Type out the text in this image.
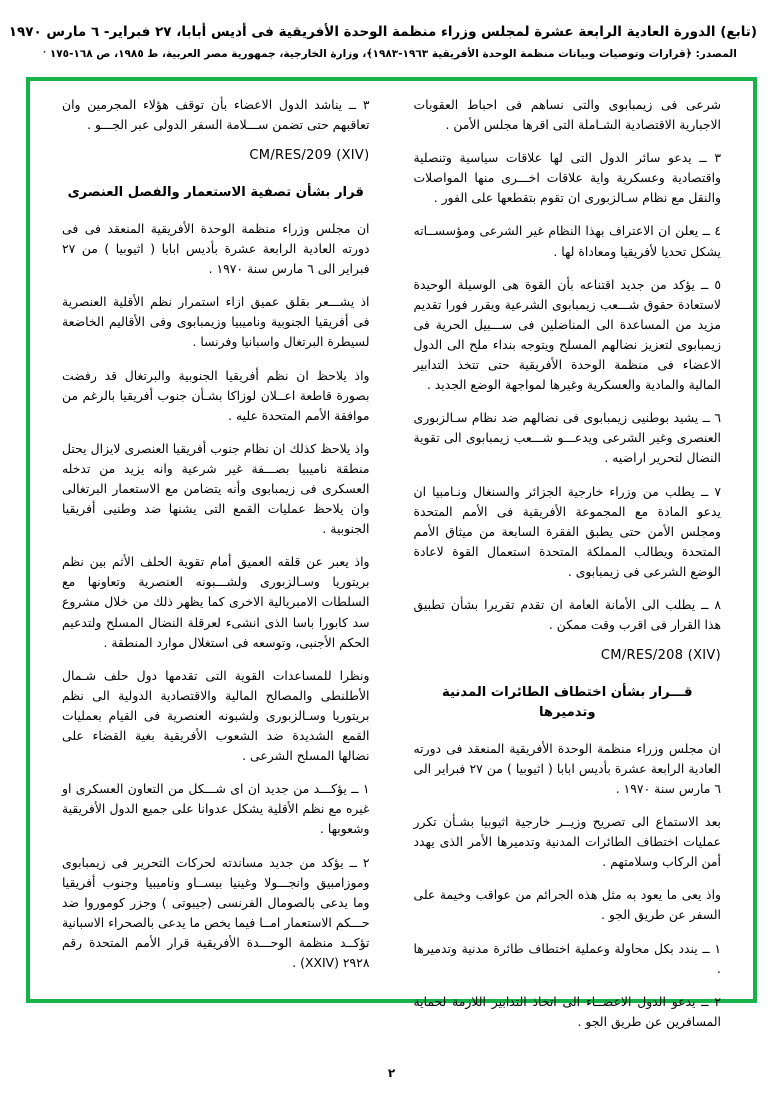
(تابع) الدورة العادية الرابعة عشرة لمجلس وزراء منظمة الوحدة الأفريقية فى أديس أبابا، ٢٧ فبراير- ٦ مارس ١٩٧٠
المصدر: ﴿قرارات وتوصيات وبيانات منظمة الوحدة الأفريقية ١٩٦٣-١٩٨٣﴾، وزارة الخارجية، جمهورية مصر العربية، ط ١٩٨٥، ص ١٦٨-١٧٥ ̒

شرعى فى زيمبابوى والتى نساهم فى احباط العقوبات الاجبارية الاقتصادية الشـاملة التى اقرها مجلس الأمن .

٣ ــ يدعو سائر الدول التى لها علاقات سياسية وتنصلية واقتصادية وعسكرية واية علاقات اخـــرى منها المواصلات والنقل مع نظام سـالزبورى ان تقوم بتقطعها على الفور .

٤ ــ يعلن ان الاعتراف بهذا النظام غير الشرعى ومؤسســاته يشكل تحديا لأفريقيا ومعاداة لها .

٥ ــ يؤكد من جديد اقتناعه بأن القوة هى الوسيلة الوحيدة لاستعادة حقوق شـــعب زيمبابوى الشرعية ويقرر فورا تقديم مزيد من المساعدة الى المناضلين فى ســـبيل الحرية فى زيمبابوى لتعزيز نضالهم المسلح ويتوجه بنداء ملح الى الدول الاعضاء فى منظمة الوحدة الأفريقية حتى تتخذ التدابير المالية والمادية والعسكرية وغيرها لمواجهة الوضع الجديد .

٦ ــ يشيد بوطنيى زيمبابوى فى نضالهم ضد نظام سـالزبورى العنصرى وغير الشرعى ويدعـــو شـــعب زيمبابوى الى تقوية النضال لتحرير اراضيه .

٧ ــ يطلب من وزراء خارجية الجزائر والسنغال ونـامبيا ان يدعو المادة مع المجموعة الأفريقية فى الأمم المتحدة ومجلس الأمن حتى يطبق الفقرة السابعة من ميثاق الأمم المتحدة ويطالب المملكة المتحدة استعمال القوة لاعادة الوضع الشرعى فى زيمبابوى .

٨ ــ يطلب الى الأمانة العامة ان تقدم تقريرا بشأن تطبيق هذا القرار فى اقرب وقت ممكن .

CM/RES/208 (XIV)
قـــرار بشأن اختطاف الطائرات المدنية وتدميرها

ان مجلس وزراء منظمة الوحدة الأفريقية المنعقد فى دورته العادية الرابعة عشرة بأديس ابابا ( اثيوبيا ) من ٢٧ فبراير الى ٦ مارس سنة ١٩٧٠ .

بعد الاستماع الى تصريح وزيــر خارجية اثيوبيا بشـأن تكرر عمليات اختطاف الطائرات المدنية وتدميرها الأمر الذى يهدد أمن الركاب وسلامتهم .

واذ يعى ما يعود به مثل هذه الجرائم من عواقب وخيمة على السفر عن طريق الجو .

١ ــ يندد بكل محاولة وعملية اختطاف طائرة مدنية وتدميرها .

٢ ــ يدعو الدول الاعضــاء الى اتخاذ التدابير اللازمة لحماية المسافرين عن طريق الجو .

٣ ــ يناشد الدول الاعضاء بأن توقف هؤلاء المجرمين وان تعاقبهم حتى تضمن ســـلامة السفر الدولى عبر الجـــو .

CM/RES/209 (XIV)
قرار بشأن تصفية الاستعمار والفصل العنصرى

ان مجلس وزراء منظمة الوحدة الأفريقية المنعقد فى فى دورته العادية الرابعة عشرة بأديس ابابا ( اثيوبيا ) من ٢٧ فبراير الى ٦ مارس سنة ١٩٧٠ .

اذ يشـــعر بقلق عميق ازاء استمرار نظم الأقلية العنصرية فى أفريقيا الجنوبية وناميبيا وزيمبابوى وفى الأقاليم الخاضعة لسيطرة البرتغال واسبانيا وفرنسا .

واذ يلاحظ ان نظم أفريقيا الجنوبية والبرتغال قد رفضت بصورة قاطعة اعــلان لوزاكا بشـأن جنوب أفريقيا بالرغم من موافقة الأمم المتحدة عليه .

واذ يلاحظ كذلك ان نظام جنوب أفريقيا العنصرى لايزال يحتل منطقة ناميبيا بصـــفة غير شرعية وانه يزيد من تدخله العسكرى فى زيمبابوى وأنه يتضامن مع الاستعمار البرتغالى وان يلاحظ عمليات القمع التى يشنها ضد وطنيى أفريقيا الجنوبية .

واذ يعبر عن قلقه العميق أمام تقوية الحلف الأثم بين نظم بريتوريا وسـالزبورى ولشـــبونه العنصرية وتعاونها مع السلطات الامبريالية الاخرى كما يظهر ذلك من خلال مشروع سد كابورا باسا الذى انشىء لعرقلة النضال المسلح ولتدعيم الحكم الأجنبى، وتوسعه فى استغلال موارد المنطقة .

ونظرا للمساعدات القوية التى تقدمها دول حلف شـمال الأطلنطى والمصالح المالية والاقتصادية الدولية الى نظم بريتوريا وسـالزبورى ولشبونه العنصرية فى القيام بعمليات القمع الشديدة ضد الشعوب الأفريقية بغية القضاء على نضالها المسلح الشرعى .

١ ــ يؤكـــد من جديد ان اى شـــكل من التعاون العسكرى او غيره مع نظم الأقلية يشكل عدوانا على جميع الدول الأفريقية وشعوبها .

٢ ــ يؤكد من جديد مساندته لحركات التحرير فى زيمبابوى وموزامبيق وانجـــولا وغينيا بيســاو وناميبيا وجنوب أفريقيا وما يدعى بالصومال الفرنسى (جيبوتى ) وجزر كوموروا ضد حـــكم الاستعمار امــا فيما يخص ما يدعى بالصحراء الاسبانية تؤكــد منظمة الوحـــدة الأفريقية قرار الأمم المتحدة رقم ٢٩٢٨ (XXIV) .

٢
